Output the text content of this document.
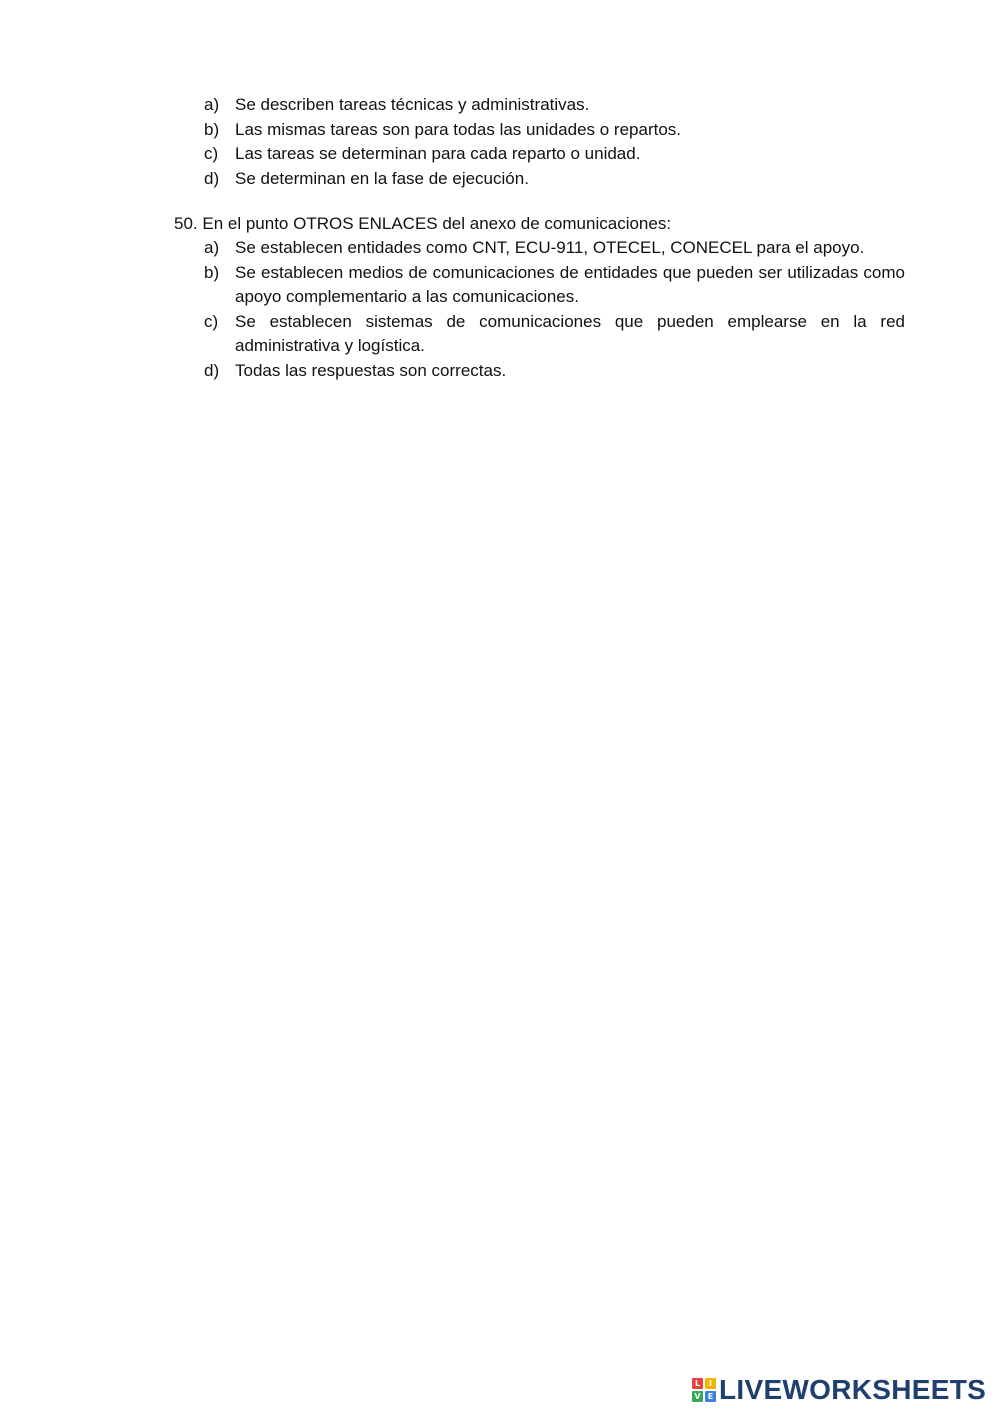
a) Se describen tareas técnicas y administrativas.
b) Las mismas tareas son para todas las unidades o repartos.
c) Las tareas se determinan para cada reparto o unidad.
d) Se determinan en la fase de ejecución.
50. En el punto OTROS ENLACES del anexo de comunicaciones:
a) Se establecen entidades como CNT, ECU-911, OTECEL, CONECEL para el apoyo.
b) Se establecen medios de comunicaciones de entidades que pueden ser utilizadas como apoyo complementario a las comunicaciones.
c) Se establecen sistemas de comunicaciones que pueden emplearse en la red administrativa y logística.
d) Todas las respuestas son correctas.
L	I
V E LIVEWORKSHEETS
